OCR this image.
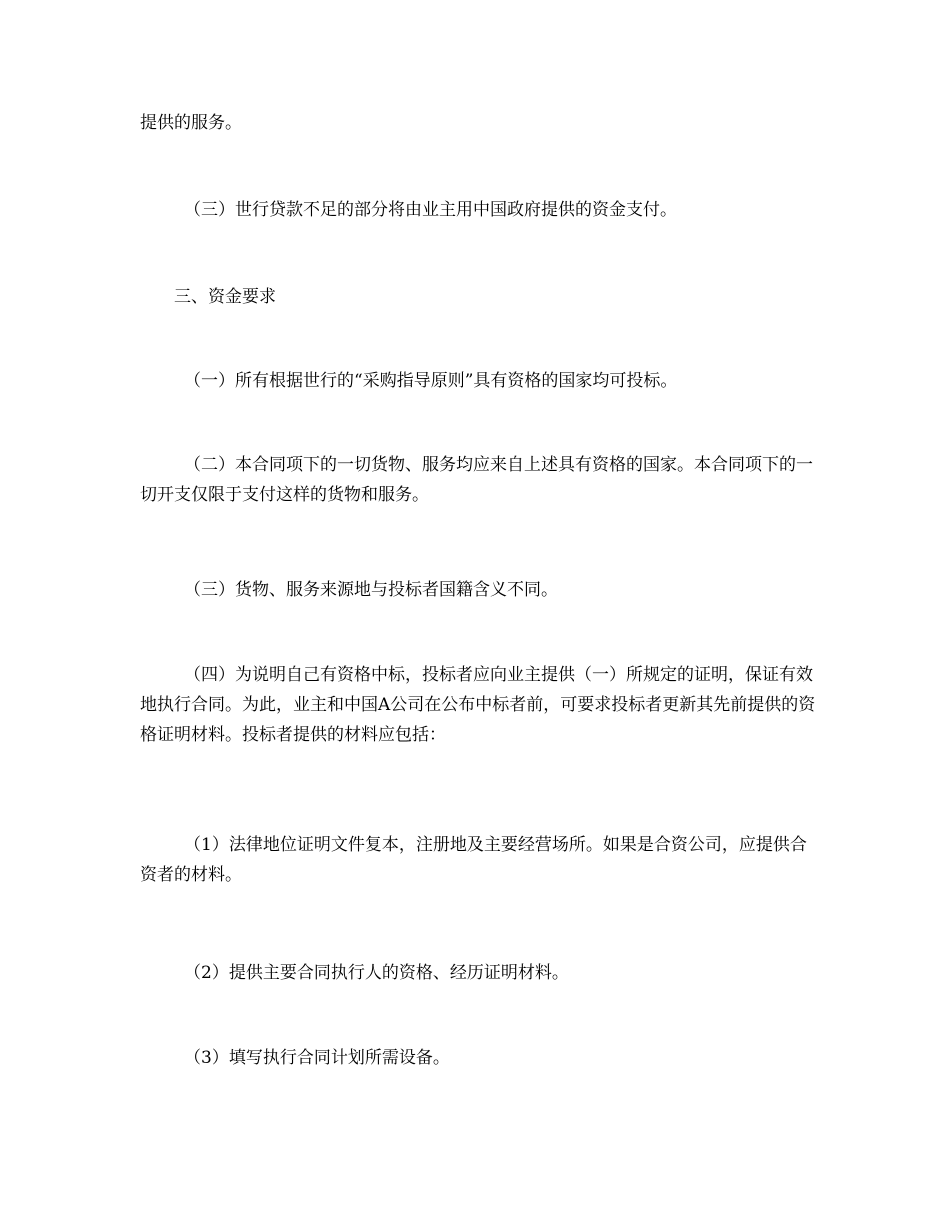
提供的服务。

（三）世行贷款不足的部分将由业主用中国政府提供的资金支付。

三、资金要求

（一）所有根据世行的“采购指导原则”具有资格的国家均可投标。

（二）本合同项下的一切货物、服务均应来自上述具有资格的国家。本合同项下的一切开支仅限于支付这样的货物和服务。

（三）货物、服务来源地与投标者国籍含义不同。

（四）为说明自己有资格中标，投标者应向业主提供（一）所规定的证明，保证有效地执行合同。为此，业主和中国A公司在公布中标者前，可要求投标者更新其先前提供的资格证明材料。投标者提供的材料应包括：

（1）法律地位证明文件复本，注册地及主要经营场所。如果是合资公司，应提供合资者的材料。

（2）提供主要合同执行人的资格、经历证明材料。

（3）填写执行合同计划所需设备。
